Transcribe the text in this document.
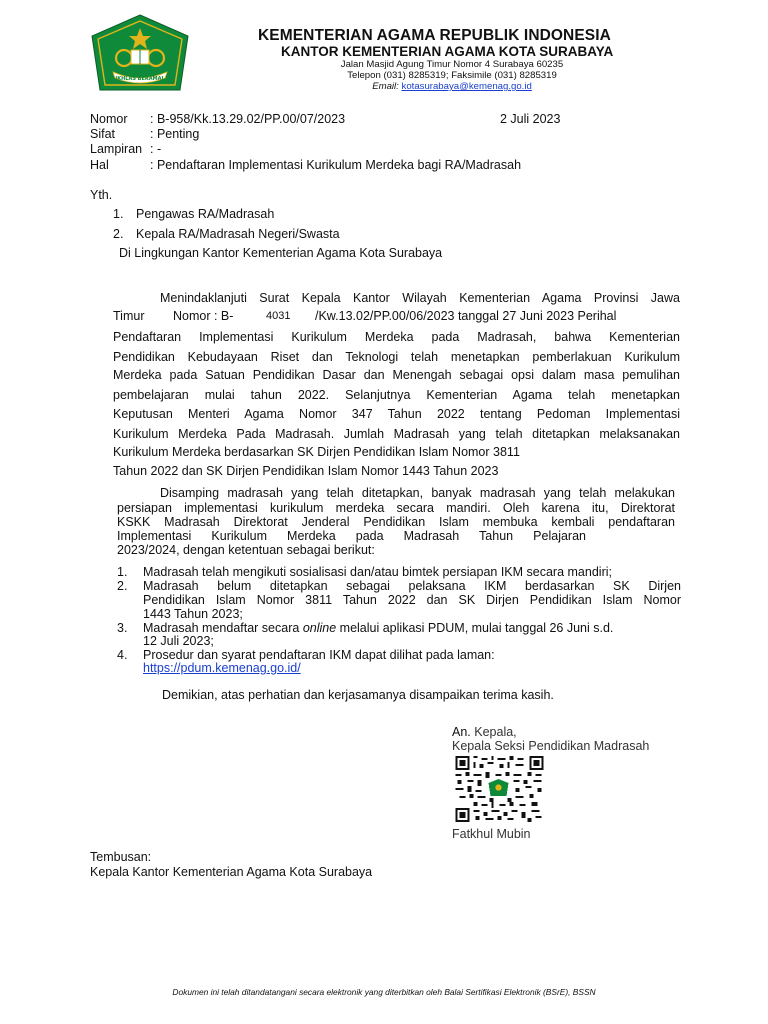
IKHLAS BERAMAL
KEMENTERIAN AGAMA REPUBLIK INDONESIA
KANTOR KEMENTERIAN AGAMA KOTA SURABAYA
Jalan Masjid Agung Timur Nomor 4 Surabaya 60235
Telepon (031) 8285319; Faksimile (031) 8285319
Email: kotasurabaya@kemenag.go.id
Nomor : B-958/Kk.13.29.02/PP.00/07/2023	2 Juli 2023
Sifat	: Penting
Lampiran : -
Hal	: Pendaftaran Implementasi Kurikulum Merdeka bagi RA/Madrasah
Yth.
1. Pengawas RA/Madrasah
2. Kepala RA/Madrasah Negeri/Swasta
Di Lingkungan Kantor Kementerian Agama Kota Surabaya
Menindaklanjuti Surat Kepala Kantor Wilayah Kementerian Agama Provinsi Jawa
Timur Nomor : B-	4031 /Kw.13.02/PP.00/06/2023 tanggal 27 Juni 2023 Perihal
Pendaftaran Implementasi Kurikulum Merdeka pada Madrasah, bahwa Kementerian
Pendidikan Kebudayaan Riset dan Teknologi telah menetapkan pemberlakuan Kurikulum
Merdeka pada Satuan Pendidikan Dasar dan Menengah sebagai opsi dalam masa pemulihan
pembelajaran mulai tahun 2022. Selanjutnya Kementerian Agama telah menetapkan
Keputusan Menteri Agama Nomor 347 Tahun 2022 tentang Pedoman Implementasi
Kurikulum Merdeka Pada Madrasah. Jumlah Madrasah yang telah ditetapkan melaksanakan
Kurikulum Merdeka berdasarkan SK Dirjen Pendidikan Islam Nomor 3811
Tahun 2022 dan SK Dirjen Pendidikan Islam Nomor 1443 Tahun 2023
Disamping madrasah yang telah ditetapkan, banyak madrasah yang telah melakukan
persiapan implementasi kurikulum merdeka secara mandiri. Oleh karena itu, Direktorat
KSKK Madrasah Direktorat Jenderal Pendidikan Islam membuka kembali pendaftaran
Implementasi Kurikulum Merdeka pada Madrasah Tahun Pelajaran
2023/2024, dengan ketentuan sebagai berikut:
1. Madrasah telah mengikuti sosialisasi dan/atau bimtek persiapan IKM secara mandiri;
2. Madrasah belum ditetapkan sebagai pelaksana IKM berdasarkan SK Dirjen
Pendidikan Islam Nomor 3811 Tahun 2022 dan SK Dirjen Pendidikan Islam Nomor
1443 Tahun 2023;
3. Madrasah mendaftar secara online melalui aplikasi PDUM, mulai tanggal 26 Juni s.d.
12 Juli 2023;
4. Prosedur dan syarat pendaftaran IKM dapat dilihat pada laman:
https://pdum.kemenag.go.id/
Demikian, atas perhatian dan kerjasamanya disampaikan terima kasih.
An. Kepala,
Kepala Seksi Pendidikan Madrasah
Fatkhul Mubin
Tembusan:
Kepala Kantor Kementerian Agama Kota Surabaya
Dokumen ini telah ditandatangani secara elektronik yang diterbitkan oleh Balai Sertifikasi Elektronik (BSrE), BSSN
